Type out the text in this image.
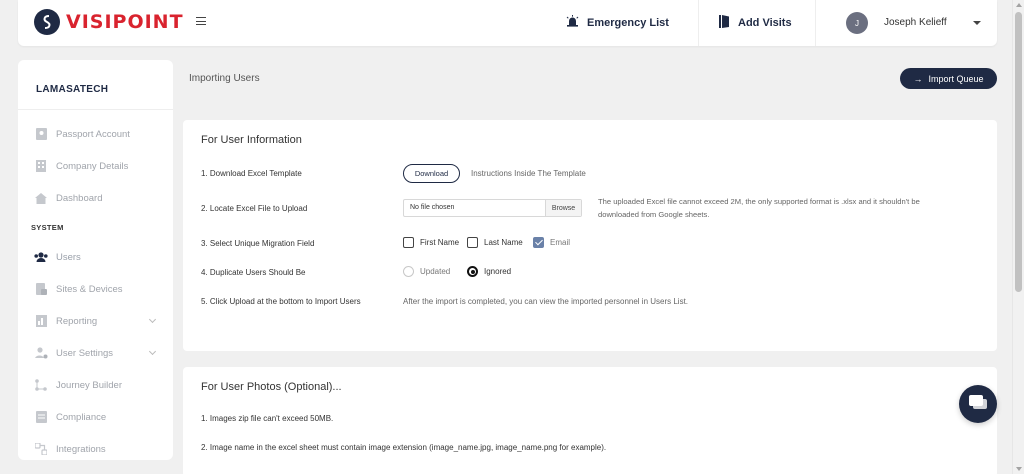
VISIPOINT	Emergency List	Add Visits	J	Joseph Kelieff
LAMASATECH
Passport Account
Company Details
Dashboard
SYSTEM
Users
Sites & Devices
Reporting
User Settings
Journey Builder
Compliance
Integrations
Importing Users	→ Import Queue
For User Information
1. Download Excel Template	Download	Instructions Inside The Template
2. Locate Excel File to Upload	No file chosen	Browse
The uploaded Excel file cannot exceed 2M, the only supported format is .xlsx and it shouldn't be
downloaded from Google sheets.
3. Select Unique Migration Field	First Name	Last Name	Email
4. Duplicate Users Should Be	Updated	Ignored
5. Click Upload at the bottom to Import Users	After the import is completed, you can view the imported personnel in Users List.
For User Photos (Optional)...
1. Images zip file can't exceed 50MB.
2. Image name in the excel sheet must contain image extension (image_name.jpg, image_name.png for example).
